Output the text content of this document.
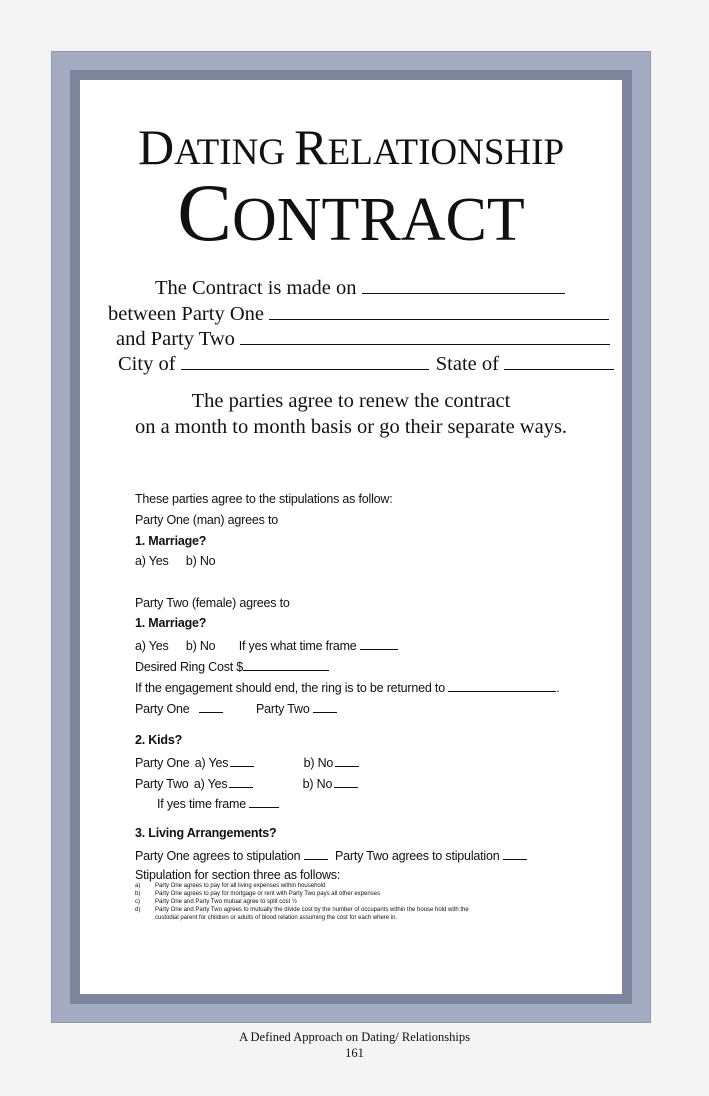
DATING RELATIONSHIP
CONTRACT
The Contract is made on
between Party One
and Party Two
City of	State of
The parties agree to renew the contract
on a month to month basis or go their separate ways.
These parties agree to the stipulations as follow:
Party One (man) agrees to
1. Marriage?
a) Yes b) No
Party Two (female) agrees to
1. Marriage?
a) Yes b) No If yes what time frame
Desired Ring Cost $
If the engagement should end, the ring is to be returned to	.
Party One	Party Two
2. Kids?
Party One a) Yes	b) No
Party Two a) Yes	b) No
If yes time frame
3. Living Arrangements?
Party One agrees to stipulation	Party Two agrees to stipulation
Stipulation for section three as follows:
a) Party One agrees to pay for all living expenses within household
b) Party One agrees to pay for mortgage or rent with Party Two pays all other expenses
c)	Party One and Party Two mutual agree to split cost ½
d) Party One and Party Two agrees to mutually the divide cost by the number of occupants within the house hold with the
custodial parent for children or adults of blood relation assuming the cost for each where in.
A Defined Approach on Dating/ Relationships
161
